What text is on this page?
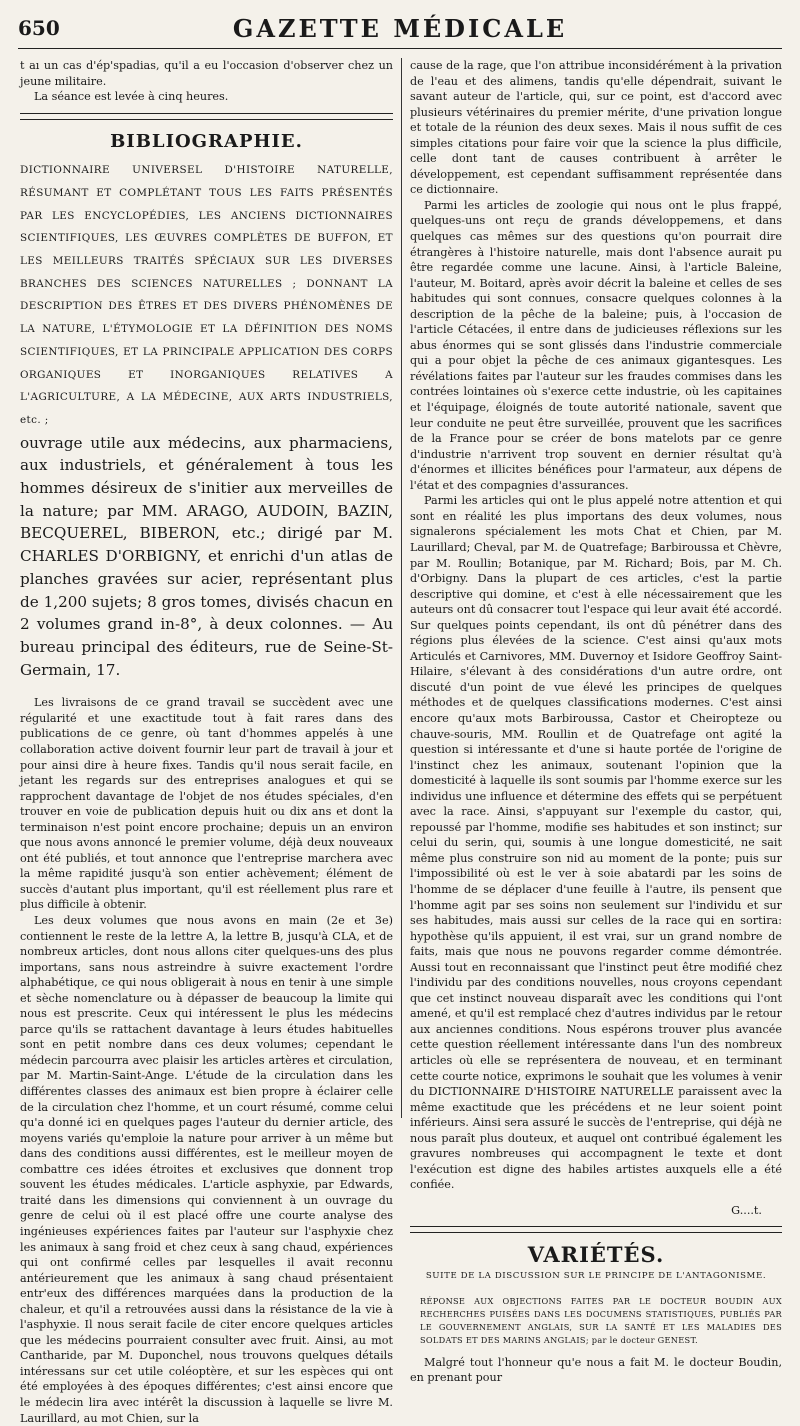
650	GAZETTE MÉDICALE

t aı un cas d'ép'spadias, qu'il a eu l'occasion d'observer chez un jeune militaire.

La séance est levée à cinq heures.

BIBLIOGRAPHIE.

DICTIONNAIRE UNIVERSEL D'HISTOIRE NATURELLE, RÉSUMANT ET COMPLÉTANT TOUS LES FAITS PRÉSENTÉS PAR LES ENCYCLOPÉDIES, LES ANCIENS DICTIONNAIRES SCIENTIFIQUES, LES ŒUVRES COMPLÈTES DE BUFFON, ET LES MEILLEURS TRAITÉS SPÉCIAUX SUR LES DIVERSES BRANCHES DES SCIENCES NATURELLES ; DONNANT LA DESCRIPTION DES ÊTRES ET DES DIVERS PHÉNOMÈNES DE LA NATURE, L'ÉTYMOLOGIE ET LA DÉFINITION DES NOMS SCIENTIFIQUES, ET LA PRINCIPALE APPLICATION DES CORPS ORGANIQUES ET INORGANIQUES RELATIVES A L'AGRICULTURE, A LA MÉDECINE, AUX ARTS INDUSTRIELS, etc. ;

ouvrage utile aux médecins, aux pharmaciens, aux industriels, et généralement à tous les hommes désireux de s'initier aux merveilles de la nature; par MM. ARAGO, AUDOIN, BAZIN, BECQUEREL, BIBERON, etc.; dirigé par M. CHARLES D'ORBIGNY, et enrichi d'un atlas de planches gravées sur acier, représentant plus de 1,200 sujets; 8 gros tomes, divisés chacun en 2 volumes grand in-8°, à deux colonnes. — Au bureau principal des éditeurs, rue de Seine-St-Germain, 17.

Les livraisons de ce grand travail se succèdent avec une régularité et une exactitude tout à fait rares dans des publications de ce genre, où tant d'hommes appelés à une collaboration active doivent fournir leur part de travail à jour et pour ainsi dire à heure fixes. Tandis qu'il nous serait facile, en jetant les regards sur des entreprises analogues et qui se rapprochent davantage de l'objet de nos études spéciales, d'en trouver en voie de publication depuis huit ou dix ans et dont la terminaison n'est point encore prochaine; depuis un an environ que nous avons annoncé le premier volume, déjà deux nouveaux ont été publiés, et tout annonce que l'entreprise marchera avec la même rapidité jusqu'à son entier achèvement; élément de succès d'autant plus important, qu'il est réellement plus rare et plus difficile à obtenir.

Les deux volumes que nous avons en main (2e et 3e) contiennent le reste de la lettre A, la lettre B, jusqu'à CLA, et de nombreux articles, dont nous allons citer quelques-uns des plus importans, sans nous astreindre à suivre exactement l'ordre alphabétique, ce qui nous obligerait à nous en tenir à une simple et sèche nomenclature ou à dépasser de beaucoup la limite qui nous est prescrite. Ceux qui intéressent le plus les médecins parce qu'ils se rattachent davantage à leurs études habituelles sont en petit nombre dans ces deux volumes; cependant le médecin parcourra avec plaisir les articles artères et circulation, par M. Martin-Saint-Ange. L'étude de la circulation dans les différentes classes des animaux est bien propre à éclairer celle de la circulation chez l'homme, et un court résumé, comme celui qu'a donné ici en quelques pages l'auteur du dernier article, des moyens variés qu'emploie la nature pour arriver à un même but dans des conditions aussi différentes, est le meilleur moyen de combattre ces idées étroites et exclusives que donnent trop souvent les études médicales. L'article asphyxie, par Edwards, traité dans les dimensions qui conviennent à un ouvrage du genre de celui où il est placé offre une courte analyse des ingénieuses expériences faites par l'auteur sur l'asphyxie chez les animaux à sang froid et chez ceux à sang chaud, expériences qui ont confirmé celles par lesquelles il avait reconnu antérieurement que les animaux à sang chaud présentaient entr'eux des différences marquées dans la production de la chaleur, et qu'il a retrouvées aussi dans la résistance de la vie à l'asphyxie. Il nous serait facile de citer encore quelques articles que les médecins pourraient consulter avec fruit. Ainsi, au mot Cantharide, par M. Duponchel, nous trouvons quelques détails intéressans sur cet utile coléoptère, et sur les espèces qui ont été employées à des époques différentes; c'est ainsi encore que le médecin lira avec intérêt la discussion à laquelle se livre M. Laurillard, au mot Chien, sur la

cause de la rage, que l'on attribue inconsidérément à la privation de l'eau et des alimens, tandis qu'elle dépendrait, suivant le savant auteur de l'article, qui, sur ce point, est d'accord avec plusieurs vétérinaires du premier mérite, d'une privation longue et totale de la réunion des deux sexes. Mais il nous suffit de ces simples citations pour faire voir que la science la plus difficile, celle dont tant de causes contribuent à arrêter le développement, est cependant suffisamment représentée dans ce dictionnaire.

Parmi les articles de zoologie qui nous ont le plus frappé, quelques-uns ont reçu de grands développemens, et dans quelques cas mêmes sur des questions qu'on pourrait dire étrangères à l'histoire naturelle, mais dont l'absence aurait pu être regardée comme une lacune. Ainsi, à l'article Baleine, l'auteur, M. Boitard, après avoir décrit la baleine et celles de ses habitudes qui sont connues, consacre quelques colonnes à la description de la pêche de la baleine; puis, à l'occasion de l'article Cétacées, il entre dans de judicieuses réflexions sur les abus énormes qui se sont glissés dans l'industrie commerciale qui a pour objet la pêche de ces animaux gigantesques. Les révélations faites par l'auteur sur les fraudes commises dans les contrées lointaines où s'exerce cette industrie, où les capitaines et l'équipage, éloignés de toute autorité nationale, savent que leur conduite ne peut être surveillée, prouvent que les sacrifices de la France pour se créer de bons matelots par ce genre d'industrie n'arrivent trop souvent en dernier résultat qu'à d'énormes et illicites bénéfices pour l'armateur, aux dépens de l'état et des compagnies d'assurances.

Parmi les articles qui ont le plus appelé notre attention et qui sont en réalité les plus importans des deux volumes, nous signalerons spécialement les mots Chat et Chien, par M. Laurillard; Cheval, par M. de Quatrefage; Barbiroussa et Chèvre, par M. Roullin; Botanique, par M. Richard; Bois, par M. Ch. d'Orbigny. Dans la plupart de ces articles, c'est la partie descriptive qui domine, et c'est à elle nécessairement que les auteurs ont dû consacrer tout l'espace qui leur avait été accordé. Sur quelques points cependant, ils ont dû pénétrer dans des régions plus élevées de la science. C'est ainsi qu'aux mots Articulés et Carnivores, MM. Duvernoy et Isidore Geoffroy Saint-Hilaire, s'élevant à des considérations d'un autre ordre, ont discuté d'un point de vue élevé les principes de quelques méthodes et de quelques classifications modernes. C'est ainsi encore qu'aux mots Barbiroussa, Castor et Cheiropteze ou chauve-souris, MM. Roullin et de Quatrefage ont agité la question si intéressante et d'une si haute portée de l'origine de l'instinct chez les animaux, soutenant l'opinion que la domesticité à laquelle ils sont soumis par l'homme exerce sur les individus une influence et détermine des effets qui se perpétuent avec la race. Ainsi, s'appuyant sur l'exemple du castor, qui, repoussé par l'homme, modifie ses habitudes et son instinct; sur celui du serin, qui, soumis à une longue domesticité, ne sait même plus construire son nid au moment de la ponte; puis sur l'impossibilité où est le ver à soie abatardi par les soins de l'homme de se déplacer d'une feuille à l'autre, ils pensent que l'homme agit par ses soins non seulement sur l'individu et sur ses habitudes, mais aussi sur celles de la race qui en sortira: hypothèse qu'ils appuient, il est vrai, sur un grand nombre de faits, mais que nous ne pouvons regarder comme démontrée. Aussi tout en reconnaissant que l'instinct peut être modifié chez l'individu par des conditions nouvelles, nous croyons cependant que cet instinct nouveau disparaît avec les conditions qui l'ont amené, et qu'il est remplacé chez d'autres individus par le retour aux anciennes conditions. Nous espérons trouver plus avancée cette question réellement intéressante dans l'un des nombreux articles où elle se représentera de nouveau, et en terminant cette courte notice, exprimons le souhait que les volumes à venir du DICTIONNAIRE D'HISTOIRE NATURELLE paraissent avec la même exactitude que les précédens et ne leur soient point inférieurs. Ainsi sera assuré le succès de l'entreprise, qui déjà ne nous paraît plus douteux, et auquel ont contribué également les gravures nombreuses qui accompagnent le texte et dont l'exécution est digne des habiles artistes auxquels elle a été confiée.

G....t.

VARIÉTÉS.
SUITE DE LA DISCUSSION SUR LE PRINCIPE DE L'ANTAGONISME.
RÉPONSE AUX OBJECTIONS FAITES PAR LE DOCTEUR BOUDIN AUX RECHERCHES PUISÉES DANS LES DOCUMENS STATISTIQUES, PUBLIÉS PAR LE GOUVERNEMENT ANGLAIS, SUR LA SANTÉ ET LES MALADIES DES SOLDATS ET DES MARINS ANGLAIS; par le docteur GENEST.

Malgré tout l'honneur qu'e nous a fait M. le docteur Boudin, en prenant pour
